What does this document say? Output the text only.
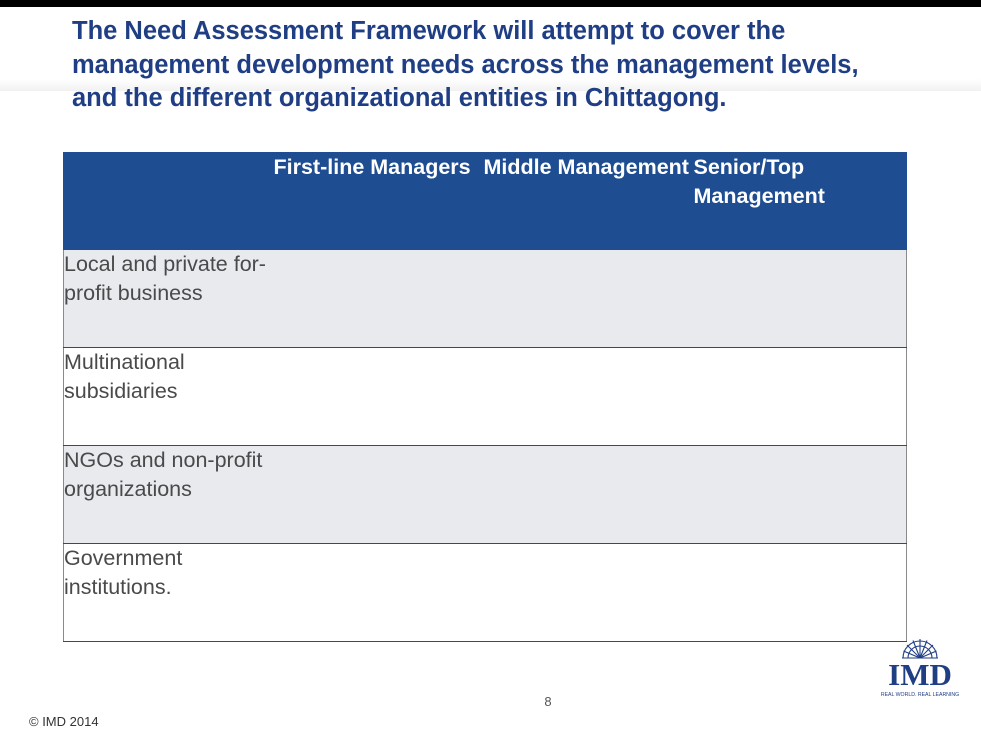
The Need Assessment Framework will attempt to cover the management development needs across the management levels, and the different organizational entities in Chittagong.
	First-line Managers	Middle Management	Senior/Top Management
Local and private for-profit business			
Multinational subsidiaries			
NGOs and non-profit organizations			
Government institutions.			
8
© IMD 2014
IMD
REAL WORLD. REAL LEARNING
